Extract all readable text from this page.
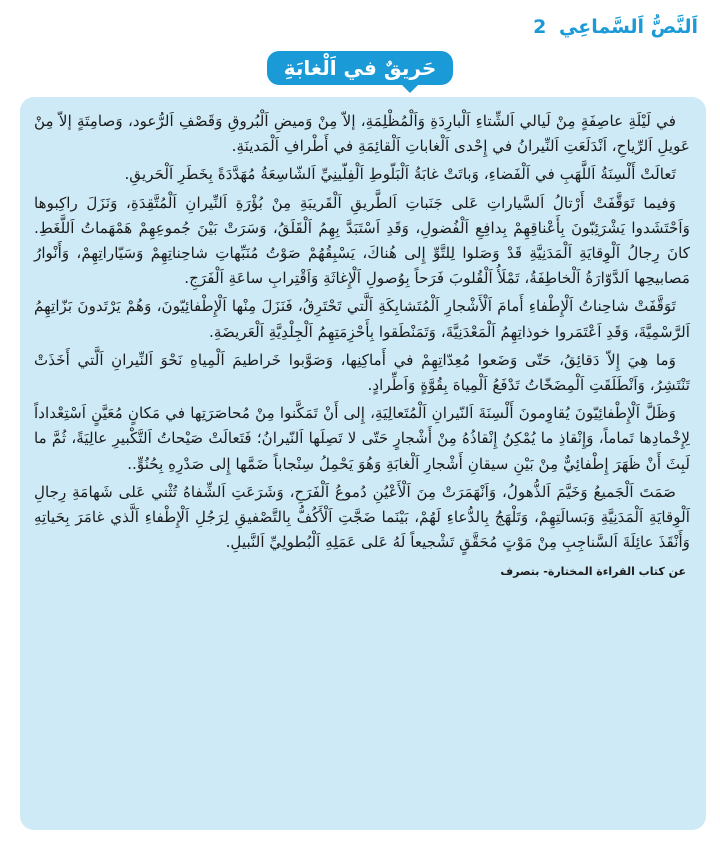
اَلنَّصُّ اَلسَّماعِي 2
حَريقٌ في اَلْغابَةِ

في لَيْلَةِ عاصِفَةٍ مِنْ لَيالي اَلشِّتاءِ اَلْبارِدَةِ وَاَلْمُظْلِمَةِ، إلاّ مِنْ وَميضِ اَلْبُروقِ وَقَصْفِ اَلرُّعود، وَصامِتَةٍ إلاّ مِنْ عَويلِ اَلرِّياحِ، اَنْدَلَعَتِ اَلنِّيرانُ في إِحْدى اَلْغاباتِ اَلْقائِمَةِ في أَطْرافِ اَلْمَدينَةِ.

تَعالَتْ أَلْسِنَةُ اَللَّهَبِ في اَلْفَضاءِ، وَباتَتْ غابَةُ اَلْبَلّوطِ اَلْفِلّينِيِّ اَلشّاسِعَةُ مُهَدَّدَةً بِخَطَرِ اَلْحَريقِ.

وَفيما تَوَقَّفَتْ أَرْتالُ اَلسَّياراتِ عَلى جَنَباتِ اَلطَّريقِ اَلْقَريبَةِ مِنْ بُؤْرَةِ اَلنِّيرانِ اَلْمُتَّقِدَةِ، وَنَزَلَ راكِبوها وَاَحْتَشَدوا يَشْرَئِبّونَ بِأَعْناقِهِمْ بِدافِعِ اَلْفُضولِ، وَقَدِ اَسْتَبَدَّ بِهِمُ اَلْقَلَقُ، وَسَرَتْ بَيْنَ جُموعِهِمْ هَمْهَماتُ اَللَّغَطِ. كانَ رِجالُ اَلْوِقايَةِ اَلْمَدَنِيَّةِ قَدْ وَصَلوا لِلتَّوِّ إِلى هُناكَ، يَسْبِقُهُمْ صَوْتُ مُنَبِّهاتِ شاحِناتِهِمْ وَسَيّاراتِهِمْ، وَأَنْوارُ مَصابيحِها اَلدَّوّارَةُ اَلْخاطِفَةُ، تَمْلَأُ اَلْقُلوبَ فَرَحاً بِوُصولِ اَلْإِغاثَةِ وَاَقْتِرابِ ساعَةِ اَلْفَرَجِ.

تَوَقَّفَتْ شاحِناتُ اَلْإِطْفاءِ أَمامَ اَلْأَشْجارِ اَلْمُتَشابِكَةِ اَلَّتي تَحْتَرِقُ، فَنَزَلَ مِنْها اَلْإِطْفائِيّونَ، وَهُمْ يَرْتَدونَ بَزّاتِهِمُ اَلرَّسْمِيَّةَ، وَقَدِ اَعْتَمَروا خوذاتِهِمُ اَلْمَعْدَنِيَّةَ، وَتَمَنْطَقوا بِأَحْزِمَتِهِمُ اَلْجِلْدِيَّةِ اَلْعَريضَةِ.

وَما هِيَ إِلاّ دَقائِقُ، حَتّى وَضَعوا مُعِدّاتِهِمْ في أَماكِنِها، وَصَوَّبوا خَراطيمَ اَلْمِياهِ نَحْوَ اَلنِّيرانِ اَلَّتي أَخَذَتْ تَنْتَشِرُ، وَاَنْطَلَقَتِ اَلْمِضَخّاتُ تَدْفَعُ اَلْمِياهَ بِقُوَّةٍ وَاَطِّرادٍ.

وَظَلَّ اَلْإِطْفائِيّونَ يُقاوِمونَ أَلْسِنَةَ اَلنّيرانِ اَلْمُتَعالِيَةِ، إِلى أَنْ تَمَكَّنوا مِنْ مُحاصَرَتِها في مَكانٍ مُعَيَّنٍ اَسْتِعْداداً لِإِخْمادِها تَماماً، وَإِنْقاذِ ما يُمْكِنُ إِنْقاذُهُ مِنْ أَشْجارٍ حَتّى لا تَصِلَها اَلنّيرانُ؛ فَتَعالَتْ صَيْحاتُ اَلتَّكْبيرِ عالِيَةً، ثُمَّ ما لَبِثَ أَنْ ظَهَرَ إِطْفائِيٌّ مِنْ بَيْنِ سيقانِ أَشْجارِ اَلْغابَةِ وَهُوَ يَحْمِلُ سِنْجاباً ضَمَّها إِلى صَدْرِهِ بِحُنُوٍّ..

صَمَتَ اَلْجَميعُ وَخَيَّمَ اَلذُّهولُ، وَاَنْهَمَرَتْ مِنَ اَلْأَعْيُنِ دُموعُ اَلْفَرَحِ، وَشَرَعَتِ اَلشِّفاهُ تُثْني عَلى شَهامَةِ رِجالِ اَلْوِقايَةِ اَلْمَدَنِيَّةِ وَبَسالَتِهِمْ، وَتَلْهَجُ بِالدُّعاءِ لَهُمْ، بَيْنَما ضَجَّتِ اَلْأَكُفُّ بِالتَّصْفيقِ لِرَجُلِ اَلْإِطْفاءِ اَلَّذي غامَرَ بِحَياتِهِ وَأَنْقَذَ عائِلَةَ اَلسَّناجِبِ مِنْ مَوْتٍ مُحَقَّقٍ تَشْجيعاً لَهُ عَلى عَمَلِهِ اَلْبُطولِيِّ اَلنَّبيلِ.

عن كتاب القراءة المختارة- بتصرف
